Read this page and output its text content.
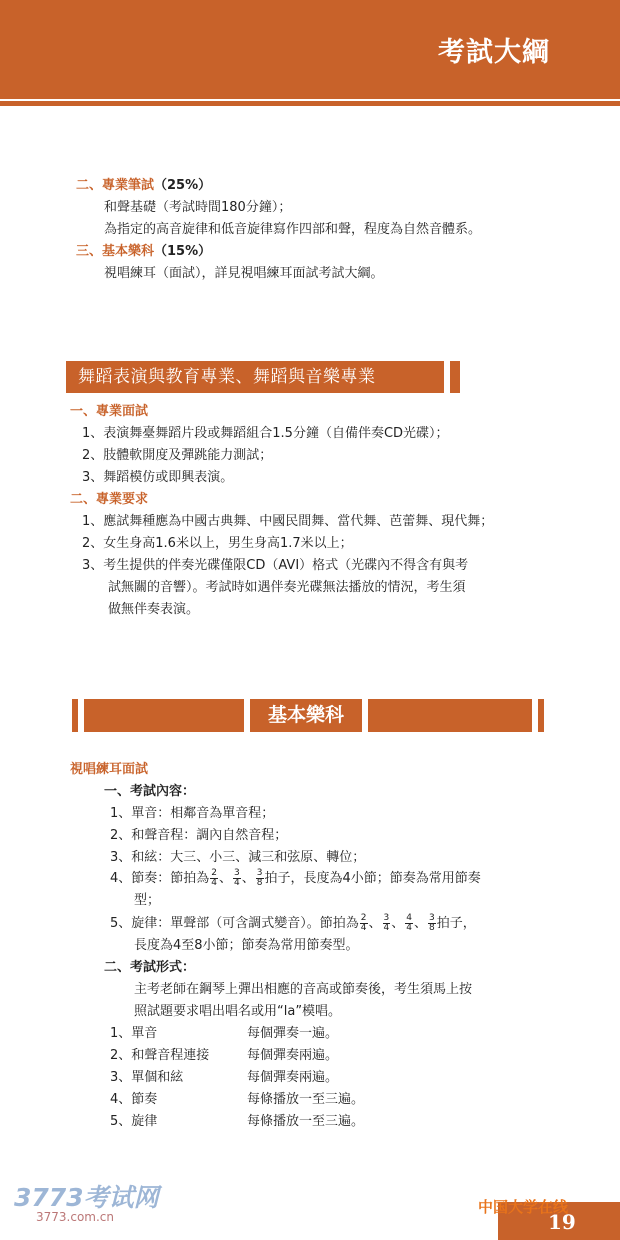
考試大綱
二、專業筆試（25%）
和聲基礎（考試時間180分鐘）；
為指定的高音旋律和低音旋律寫作四部和聲，程度為自然音體系。
三、基本樂科（15%）
視唱練耳（面試），詳見視唱練耳面試考試大綱。
舞蹈表演與教育專業、舞蹈與音樂專業
一、專業面試
1、表演舞臺舞蹈片段或舞蹈組合1.5分鐘（自備伴奏CD光碟）；
2、肢體軟開度及彈跳能力測試；
3、舞蹈模仿或即興表演。
二、專業要求
1、應試舞種應為中國古典舞、中國民間舞、當代舞、芭蕾舞、現代舞；
2、女生身高1.6米以上，男生身高1.7米以上；
3、考生提供的伴奏光碟僅限CD（AVI）格式（光碟內不得含有與考
試無關的音響）。考試時如遇伴奏光碟無法播放的情況，考生須
做無伴奏表演。
基本樂科
視唱練耳面試
一、考試內容：
1、單音：相鄰音為單音程；
2、和聲音程：調內自然音程；
3、和絃：大三、小三、減三和弦原、轉位；
4、節奏：節拍為 $\frac{2}{4}$ 、 $\frac{3}{4}$ 、 $\frac{3}{8}$ 拍子，長度為4小節；節奏為常用節奏
型；
5、旋律：單聲部（可含調式變音）。節拍為 $\frac{2}{4}$ 、 $\frac{3}{4}$ 、 $\frac{4}{4}$ 、 $\frac{3}{8}$ 拍子，
長度為4至8小節；節奏為常用節奏型。
二、考試形式：
主考老師在鋼琴上彈出相應的音高或節奏後，考生須馬上按
照試題要求唱出唱名或用“la”模唱。
1、單音	每個彈奏一遍。
2、和聲音程連接	每個彈奏兩遍。
3、單個和絃	每個彈奏兩遍。
4、節奏	每條播放一至三遍。
5、旋律	每條播放一至三遍。
3773考试网
3773.com.cn
中国大学在线
19
